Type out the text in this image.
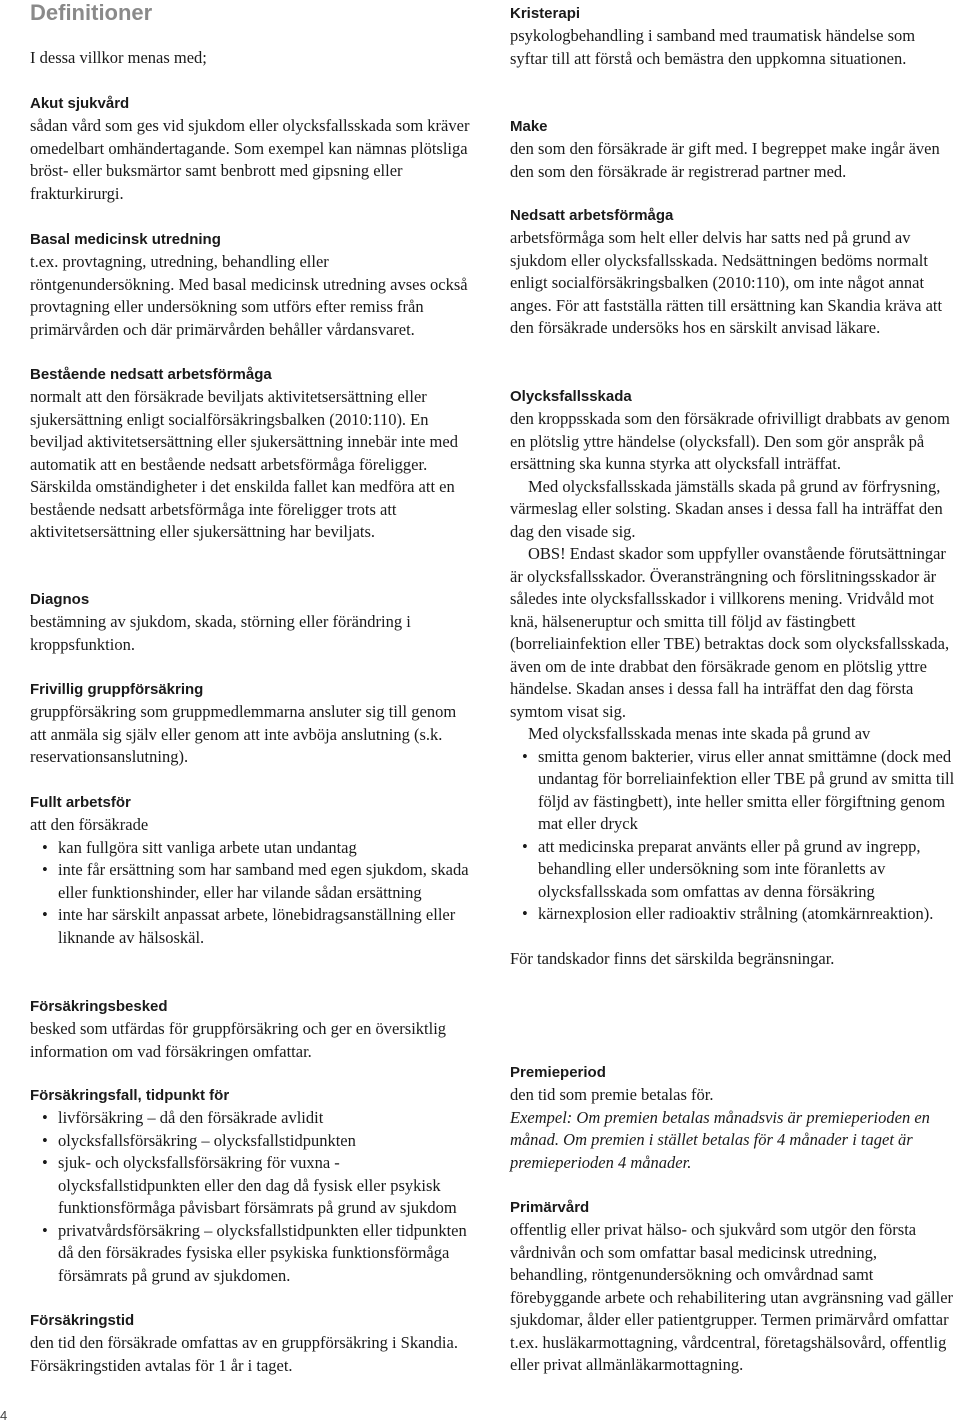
Definitioner

I dessa villkor menas med;

Akut sjukvård

sådan vård som ges vid sjukdom eller olycksfallsskada som kräver omedelbart omhändertagande. Som exempel kan nämnas plötsliga bröst- eller buksmärtor samt benbrott med gipsning eller frakturkirurgi.

Basal medicinsk utredning

t.ex. provtagning, utredning, behandling eller röntgenundersökning. Med basal medicinsk utredning avses också provtagning eller undersökning som utförs efter remiss från primärvården och där primärvården behåller vårdansvaret.

Bestående nedsatt arbetsförmåga

normalt att den försäkrade beviljats aktivitetsersättning eller sjukersättning enligt socialförsäkringsbalken (2010:110). En beviljad aktivitetsersättning eller sjukersättning innebär inte med automatik att en bestående nedsatt arbetsförmåga föreligger. Särskilda omständigheter i det enskilda fallet kan medföra att en bestående nedsatt arbetsförmåga inte föreligger trots att aktivitetsersättning eller sjukersättning har beviljats.

Diagnos

bestämning av sjukdom, skada, störning eller förändring i kroppsfunktion.

Frivillig gruppförsäkring

gruppförsäkring som gruppmedlemmarna ansluter sig till genom att anmäla sig själv eller genom att inte avböja anslutning (s.k. reservationsanslutning).

Fullt arbetsför

att den försäkrade

• kan fullgöra sitt vanliga arbete utan undantag
• inte får ersättning som har samband med egen sjukdom, skada eller funktionshinder, eller har vilande sådan ersättning
• inte har särskilt anpassat arbete, lönebidragsanställning eller liknande av hälsoskäl.
Försäkringsbesked

besked som utfärdas för gruppförsäkring och ger en översiktlig information om vad försäkringen omfattar.

Försäkringsfall, tidpunkt för
• livförsäkring – då den försäkrade avlidit
• olycksfallsförsäkring – olycksfallstidpunkten
• sjuk- och olycksfallsförsäkring för vuxna - olycksfallstidpunkten eller den dag då fysisk eller psykisk funktionsförmåga påvisbart försämrats på grund av sjukdom
• privatvårdsförsäkring – olycksfallstidpunkten eller tidpunkten då den försäkrades fysiska eller psykiska funktionsförmåga försämrats på grund av sjukdomen.
Försäkringstid

den tid den försäkrade omfattas av en gruppförsäkring i Skandia. Försäkringstiden avtalas för 1 år i taget.

Kristerapi

psykologbehandling i samband med traumatisk händelse som syftar till att förstå och bemästra den uppkomna situationen.

Make

den som den försäkrade är gift med. I begreppet make ingår även den som den försäkrade är registrerad partner med.

Nedsatt arbetsförmåga

arbetsförmåga som helt eller delvis har satts ned på grund av sjukdom eller olycksfallsskada. Nedsättningen bedöms normalt enligt socialförsäkringsbalken (2010:110), om inte något annat anges. För att fastställa rätten till ersättning kan Skandia kräva att den försäkrade undersöks hos en särskilt anvisad läkare.

Olycksfallsskada

den kroppsskada som den försäkrade ofrivilligt drabbats av genom en plötslig yttre händelse (olycksfall). Den som gör anspråk på ersättning ska kunna styrka att olycksfall inträffat.

Med olycksfallsskada jämställs skada på grund av förfrysning, värmeslag eller solsting. Skadan anses i dessa fall ha inträffat den dag den visade sig.

OBS! Endast skador som uppfyller ovanstående förutsättningar är olycksfallsskador. Överansträngning och förslitningsskador är således inte olycksfallsskador i villkorens mening. Vridvåld mot knä, hälseneruptur och smitta till följd av fästingbett (borreliainfektion eller TBE) betraktas dock som olycksfallsskada, även om de inte drabbat den försäkrade genom en plötslig yttre händelse. Skadan anses i dessa fall ha inträffat den dag första symtom visat sig.

Med olycksfallsskada menas inte skada på grund av

• smitta genom bakterier, virus eller annat smittämne (dock med undantag för borreliainfektion eller TBE på grund av smitta till följd av fästingbett), inte heller smitta eller förgiftning genom mat eller dryck
• att medicinska preparat använts eller på grund av ingrepp, behandling eller undersökning som inte föranletts av olycksfallsskada som omfattas av denna försäkring
• kärnexplosion eller radioaktiv strålning (atomkärnreaktion).

För tandskador finns det särskilda begränsningar.

Premieperiod

den tid som premie betalas för.

Exempel: Om premien betalas månadsvis är premieperioden en månad. Om premien i stället betalas för 4 månader i taget är premieperioden 4 månader.

Primärvård

offentlig eller privat hälso- och sjukvård som utgör den första vårdnivån och som omfattar basal medicinsk utredning, behandling, röntgenundersökning och omvårdnad samt förebyggande arbete och rehabilitering utan avgränsning vad gäller sjukdomar, ålder eller patientgrupper. Termen primärvård omfattar t.ex. husläkarmottagning, vårdcentral, företagshälsovård, offentlig eller privat allmänläkarmottagning.

4
